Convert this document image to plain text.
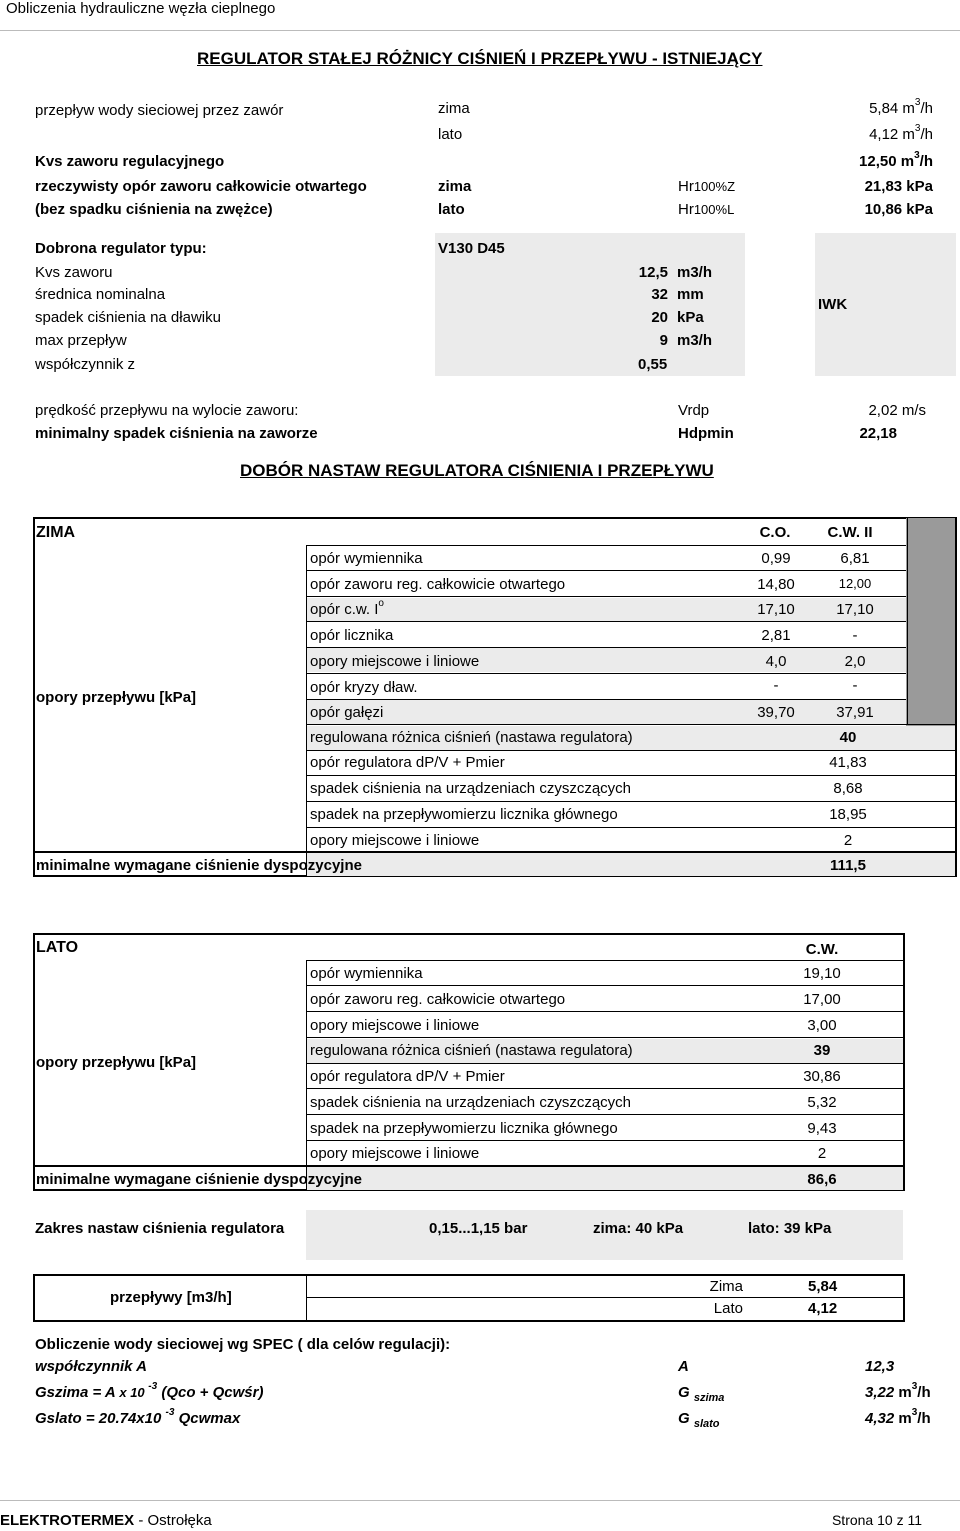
Obliczenia hydrauliczne węzła cieplnego
REGULATOR STAŁEJ RÓŻNICY CIŚNIEŃ I PRZEPŁYWU - ISTNIEJĄCY
przepływ wody sieciowej przez zawór	zima	5,84 $m^3/h$
lato	4,12 $m^3/h$
Kvs zaworu regulacyjnego	12,50 $m^3/h$
rzeczywisty opór zaworu całkowicie otwartego	zima	Hr100%Z	21,83 kPa
(bez spadku ciśnienia na zwężce)	lato	Hr100%L	10,86 kPa
Dobrona regulator typu:	V130 D45
Kvs zaworu	12,5 m3/h
średnica nominalna	32 mm
spadek ciśnienia na dławiku	20 kPa
max przepływ	9 m3/h
współczynnik z	0,55
IWK
prędkość przepływu na wylocie zaworu:	Vrdp	2,02 m/s
minimalny spadek ciśnienia na zaworze	Hdpmin	22,18
DOBÓR NASTAW REGULATORA CIŚNIENIA I PRZEPŁYWU
ZIMA	C.O.	C.W. II
opory przepływu [kPa]
opór wymiennika	0,99	6,81
opór zaworu reg. całkowicie otwartego	14,80	12,00
opór c.w. $I^o$	17,10	17,10
opór licznika	2,81	-
opory miejscowe i liniowe	4,0	2,0
opór kryzy dław.	-	-
opór gałęzi	39,70	37,91
regulowana różnica ciśnień (nastawa regulatora)	40
opór regulatora dP/V + Pmier	41,83
spadek ciśnienia na urządzeniach czyszczących	8,68
spadek na przepływomierzu licznika głównego	18,95
opory miejscowe i liniowe	2
minimalne wymagane ciśnienie dyspozycyjne	111,5
LATO	C.W.
opory przepływu [kPa]
opór wymiennika	19,10
opór zaworu reg. całkowicie otwartego	17,00
opory miejscowe i liniowe	3,00
regulowana różnica ciśnień (nastawa regulatora)	39
opór regulatora dP/V + Pmier	30,86
spadek ciśnienia na urządzeniach czyszczących	5,32
spadek na przepływomierzu licznika głównego	9,43
opory miejscowe i liniowe	2
minimalne wymagane ciśnienie dyspozycyjne	86,6
Zakres nastaw ciśnienia regulatora	0,15...1,15 bar	zima: 40 kPa	lato: 39 kPa
przepływy [m3/h]
Zima	5,84
Lato	4,12
Obliczenie wody sieciowej wg SPEC ( dla celów regulacji):
współczynnik A	A	12,3
Gszima = A x 10 $^{-3}$ (Qco + Qcwśr)	G $_{szima}$	3,22 $m^3/h$
Gslato = 20.74x10 $^{-3}$ Qcwmax	G $_{slato}$	4,32 $m^3/h$
ELEKTROTERMEX - Ostrołęka	Strona 10 z 11
